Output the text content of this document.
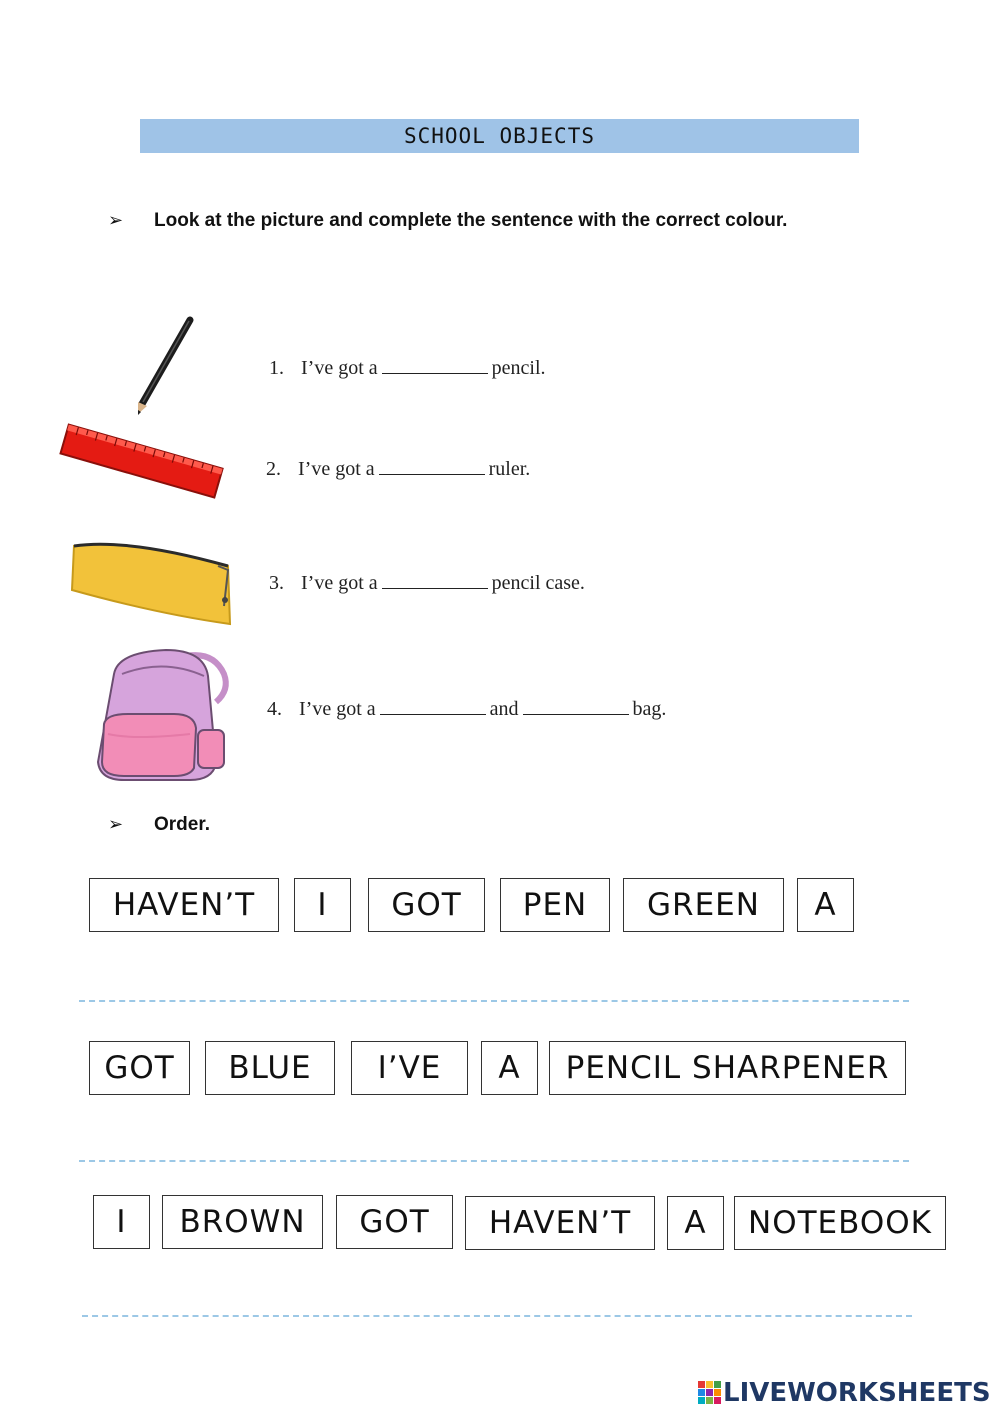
SCHOOL OBJECTS
➢ Look at the picture and complete the sentence with the correct colour.

1. I’ve got a	pencil.

2. I’ve got a	ruler.

3. I’ve got a	pencil case.

4. I’ve got a	and	bag.

➢ Order.
HAVEN’T	I	GOT	PEN	GREEN	A
GOT	BLUE	I’VE	A	PENCIL SHARPENER
I	BROWN	GOT	HAVEN’T	A	NOTEBOOK
LIVEWORKSHEETS
